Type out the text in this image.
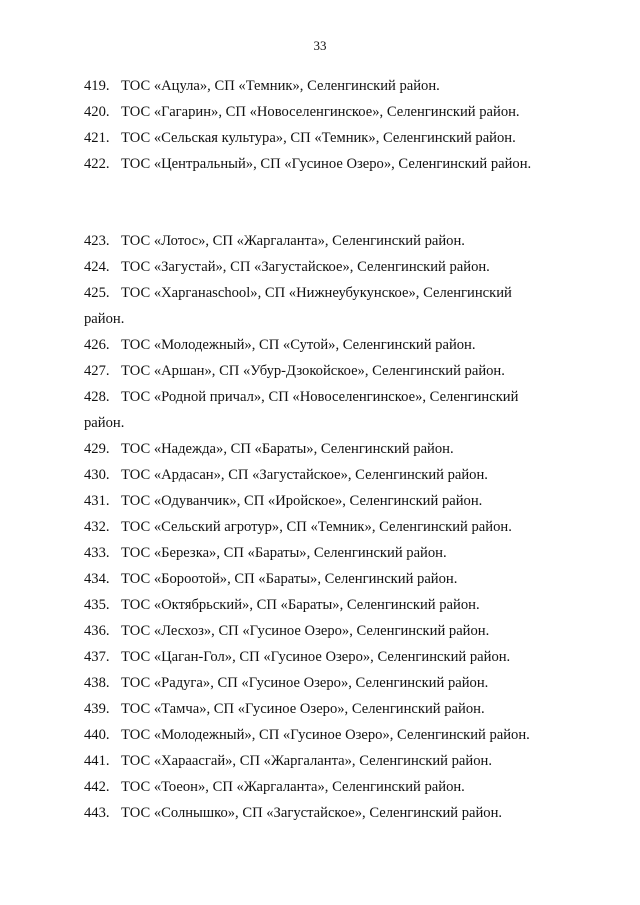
33
419. ТОС «Ацула», СП «Темник», Селенгинский район.
420. ТОС «Гагарин», СП «Новоселенгинское», Селенгинский район.
421. ТОС «Сельская культура», СП «Темник», Селенгинский район.
422. ТОС «Центральный», СП «Гусиное Озеро», Селенгинский район.
423. ТОС «Лотос», СП «Жаргаланта», Селенгинский район.
424. ТОС «Загустай», СП «Загустайское», Селенгинский район.
425. ТОС «Харганаschool», СП «Нижнеубукунское», Селенгинский район.
426. ТОС «Молодежный», СП «Сутой», Селенгинский район.
427. ТОС «Аршан», СП «Убур-Дзокойское», Селенгинский район.
428. ТОС «Родной причал», СП «Новоселенгинское», Селенгинский район.
429. ТОС «Надежда», СП «Бараты», Селенгинский район.
430. ТОС «Ардасан», СП «Загустайское», Селенгинский район.
431. ТОС «Одуванчик», СП «Иройское», Селенгинский район.
432. ТОС «Сельский агротур», СП «Темник», Селенгинский район.
433. ТОС «Березка», СП «Бараты», Селенгинский район.
434. ТОС «Бороотой», СП «Бараты», Селенгинский район.
435. ТОС «Октябрьский», СП «Бараты», Селенгинский район.
436. ТОС «Лесхоз», СП «Гусиное Озеро», Селенгинский район.
437. ТОС «Цаган-Гол», СП «Гусиное Озеро», Селенгинский район.
438. ТОС «Радуга», СП «Гусиное Озеро», Селенгинский район.
439. ТОС «Тамча», СП «Гусиное Озеро», Селенгинский район.
440. ТОС «Молодежный», СП «Гусиное Озеро», Селенгинский район.
441. ТОС «Хараасгай», СП «Жаргаланта», Селенгинский район.
442. ТОС «Тоеон», СП «Жаргаланта», Селенгинский район.
443. ТОС «Солнышко», СП «Загустайское», Селенгинский район.
